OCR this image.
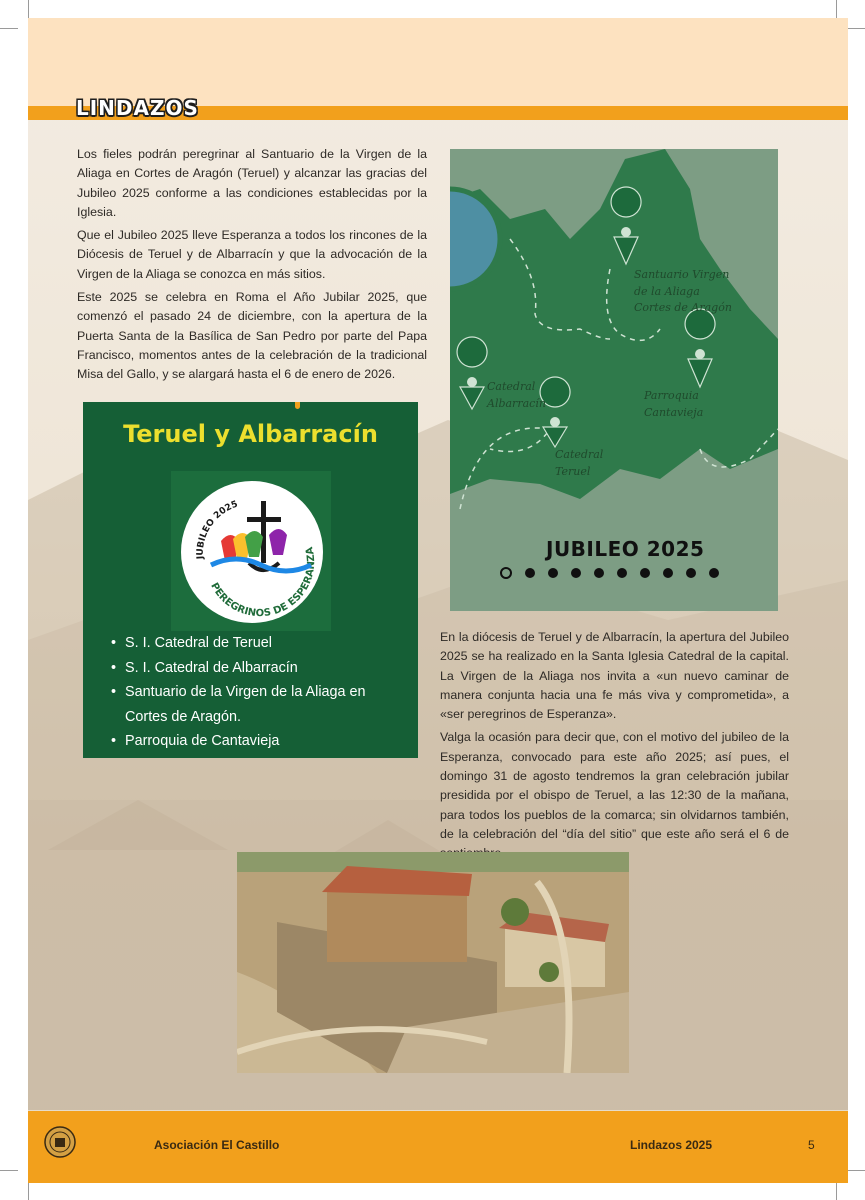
LINDAZOS

Los fieles podrán peregrinar al Santuario de la Virgen de la Aliaga en Cortes de Aragón (Teruel) y alcanzar las gracias del Jubileo 2025 conforme a las condiciones establecidas por la Iglesia.

Que el Jubileo 2025 lleve Esperanza a todos los rincones de la Diócesis de Teruel y de Albarracín y que la advocación de la Virgen de la Aliaga se conozca en más sitios.

Este 2025 se celebra en Roma el Año Jubilar 2025, que comenzó el pasado 24 de diciembre, con la apertura de la Puerta Santa de la Basílica de San Pedro por parte del Papa Francisco, momentos antes de la celebración de la tradicional Misa del Gallo, y se alargará hasta el 6 de enero de 2026.

Teruel y Albarracín
JUBILEO 2025
PEREGRINOS DE ESPERANZA
• S. I. Catedral de Teruel
• S. I. Catedral de Albarracín
• Santuario de la Virgen de la Aliaga en Cortes de Aragón.
• Parroquia de Cantavieja
Santuario Virgen
de la Aliaga
Cortes de Aragón
Parroquia
Cantavieja
Catedral
Albarracín
Catedral
Teruel
JUBILEO 2025

En la diócesis de Teruel y de Albarracín, la apertura del Jubileo 2025 se ha realizado en la Santa Iglesia Catedral de la capital. La Virgen de la Aliaga nos invita a «un nuevo caminar de manera conjunta hacia una fe más viva y comprometida», a «ser peregrinos de Esperanza».

Valga la ocasión para decir que, con el motivo del jubileo de la Esperanza, convocado para este año 2025; así pues, el domingo 31 de agosto tendremos la gran celebración jubilar presidida por el obispo de Teruel, a las 12:30 de la mañana, para todos los pueblos de la comarca; sin olvidarnos también, de la celebración del “día del sitio” que este año será el 6 de

Asociación El Castillo	Lindazos 2025	5
